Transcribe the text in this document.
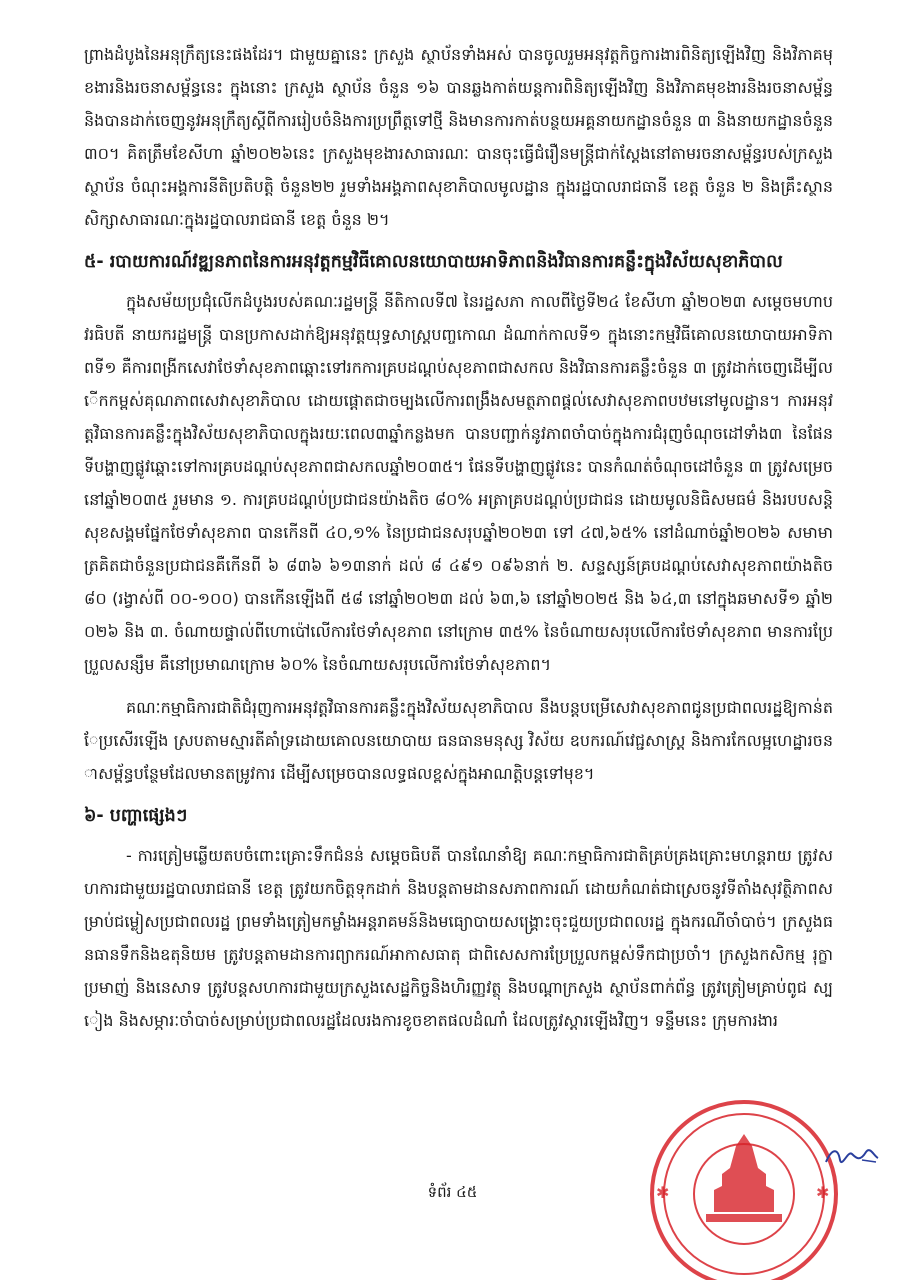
ព្រាងដំបូងនៃអនុក្រឹត្យនេះផងដែរ។ ជាមួយគ្នានេះ ក្រសួង ស្ថាប័នទាំងអស់ បានចូលរួមអនុវត្តកិច្ចការងារពិនិត្យឡើងវិញ និងវិភាគមុខងារនិងរចនាសម្ព័ន្ធនេះ ក្នុងនោះ ក្រសួង ស្ថាប័ន ចំនួន ១៦ បានឆ្លងកាត់យន្តការពិនិត្យឡើងវិញ និងវិភាគមុខងារនិងរចនាសម្ព័ន្ធ និងបានដាក់ចេញនូវអនុក្រឹត្យស្តីពីការរៀបចំនិងការប្រព្រឹត្តទៅថ្មី និងមានការកាត់បន្ថយអគ្គនាយកដ្ឋានចំនួន ៣ និងនាយកដ្ឋានចំនួន ៣០។ គិតត្រឹមខែសីហា ឆ្នាំ២០២៦នេះ ក្រសួងមុខងារសាធារណៈ បានចុះធ្វើជំរឿនមន្ត្រីជាក់ស្តែងនៅតាមរចនាសម្ព័ន្ធរបស់ក្រសួង ស្ថាប័ន ចំណុះអង្គការនីតិប្រតិបត្តិ ចំនួន២២ រួមទាំងអង្គភាពសុខាភិបាលមូលដ្ឋាន ក្នុងរដ្ឋបាលរាជធានី ខេត្ត ចំនួន ២ និងគ្រឹះស្ថានសិក្សាសាធារណៈក្នុងរដ្ឋបាលរាជធានី ខេត្ត ចំនួន ២។

៥- របាយការណ៍វឌ្ឍនភាពនៃការអនុវត្តកម្មវិធីគោលនយោបាយអាទិភាពនិងវិធានការគន្លឹះក្នុងវិស័យសុខាភិបាល

ក្នុងសម័យប្រជុំលើកដំបូងរបស់គណៈរដ្ឋមន្ត្រី នីតិកាលទី៧ នៃរដ្ឋសភា កាលពីថ្ងៃទី២៤ ខែសីហា ឆ្នាំ២០២៣ សម្តេចមហាបវរធិបតី នាយករដ្ឋមន្ត្រី បានប្រកាសដាក់ឱ្យអនុវត្តយុទ្ធសាស្ត្របញ្ចកោណ ដំណាក់កាលទី១ ក្នុងនោះកម្មវិធីគោលនយោបាយអាទិភាពទី១ គឺការពង្រីកសេវាថែទាំសុខភាពឆ្ពោះទៅរកការគ្របដណ្តប់សុខភាពជាសកល និងវិធានការគន្លឹះចំនួន ៣ ត្រូវដាក់ចេញដើម្បីលើកកម្ពស់គុណភាពសេវាសុខាភិបាល ដោយផ្តោតជាចម្បងលើការពង្រឹងសមត្ថភាពផ្តល់សេវាសុខភាពបឋមនៅមូលដ្ឋាន។ ការអនុវត្តវិធានការគន្លឹះក្នុងវិស័យសុខាភិបាលក្នុងរយៈពេល៣ឆ្នាំកន្លងមក បានបញ្ជាក់នូវភាពចាំបាច់ក្នុងការជំរុញចំណុចដៅទាំង៣ នៃផែនទីបង្ហាញផ្លូវឆ្ពោះទៅការគ្របដណ្តប់សុខភាពជាសកលឆ្នាំ២០៣៥។ ផែនទីបង្ហាញផ្លូវនេះ បានកំណត់ចំណុចដៅចំនួន ៣ ត្រូវសម្រេចនៅឆ្នាំ២០៣៥ រួមមាន ១. ការគ្របដណ្តប់ប្រជាជនយ៉ាងតិច ៨០% អត្រាគ្របដណ្តប់ប្រជាជន ដោយមូលនិធិសមធម៌ និងរបបសន្តិសុខសង្គមផ្នែកថែទាំសុខភាព បានកើនពី ៤០,១% នៃប្រជាជនសរុបឆ្នាំ២០២៣ ទៅ ៤៧,៦៥% នៅដំណាច់ឆ្នាំ២០២៦ សមាមាត្រគិតជាចំនួនប្រជាជនគឺកើនពី ៦ ៨៣៦ ៦១៣នាក់ ដល់ ៨ ៤៩១ ០៩៦នាក់ ២. សន្ទស្សន៍គ្របដណ្តប់សេវាសុខភាពយ៉ាងតិច ៨០ (រង្វាស់ពី ០០-១០០) បានកើនឡើងពី ៥៨ នៅឆ្នាំ២០២៣ ដល់ ៦៣,៦ នៅឆ្នាំ២០២៥ និង ៦៤,៣ នៅក្នុងឆមាសទី១ ឆ្នាំ២០២៦ និង ៣. ចំណាយផ្ទាល់ពីហោប៉ៅលើការថែទាំសុខភាព នៅក្រោម ៣៥% នៃចំណាយសរុបលើការថែទាំសុខភាព មានការប្រែប្រួលសន្សឹម គឺនៅប្រមាណក្រោម ៦០% នៃចំណាយសរុបលើការថែទាំសុខភាព។

គណៈកម្មាធិការជាតិជំរុញការអនុវត្តវិធានការគន្លឹះក្នុងវិស័យសុខាភិបាល នឹងបន្តបម្រើសេវាសុខភាពជូនប្រជាពលរដ្ឋឱ្យកាន់តែប្រសើរឡើង ស្របតាមស្មារតីគាំទ្រដោយគោលនយោបាយ ធនធានមនុស្ស វិស័យ ឧបករណ៍វេជ្ជសាស្ត្រ និងការកែលម្អហេដ្ឋារចនាសម្ព័ន្ធបន្ថែមដែលមានតម្រូវការ ដើម្បីសម្រេចបានលទ្ធផលខ្ពស់ក្នុងអាណត្តិបន្តទៅមុខ។

៦- បញ្ហាផ្សេងៗ

- ការត្រៀមឆ្លើយតបចំពោះគ្រោះទឹកជំនន់ សម្តេចធិបតី បានណែនាំឱ្យ គណៈកម្មាធិការជាតិគ្រប់គ្រងគ្រោះមហន្តរាយ ត្រូវសហការជាមួយរដ្ឋបាលរាជធានី ខេត្ត ត្រូវយកចិត្តទុកដាក់ និងបន្តតាមដានសភាពការណ៍ ដោយកំណត់ជាស្រេចនូវទីតាំងសុវត្ថិភាពសម្រាប់ជម្លៀសប្រជាពលរដ្ឋ ព្រមទាំងត្រៀមកម្លាំងអន្តរាគមន៍និងមធ្យោបាយសង្គ្រោះចុះជួយប្រជាពលរដ្ឋ ក្នុងករណីចាំបាច់។ ក្រសួងធនធានទឹកនិងឧតុនិយម ត្រូវបន្តតាមដានការព្យាករណ៍អាកាសធាតុ ជាពិសេសការប្រែប្រួលកម្ពស់ទឹកជាប្រចាំ។ ក្រសួងកសិកម្ម រុក្ខាប្រមាញ់ និងនេសាទ ត្រូវបន្តសហការជាមួយក្រសួងសេដ្ឋកិច្ចនិងហិរញ្ញវត្ថុ និងបណ្តាក្រសួង ស្ថាប័នពាក់ព័ន្ធ ត្រូវត្រៀមគ្រាប់ពូជ ស្បៀង និងសម្ភារៈចាំបាច់សម្រាប់ប្រជាពលរដ្ឋដែលរងការខូចខាតផលដំណាំ ដែលត្រូវស្តារឡើងវិញ។ ទន្ទឹមនេះ ក្រុមការងារ

ទំព័រ ៤៥	✱	✱
